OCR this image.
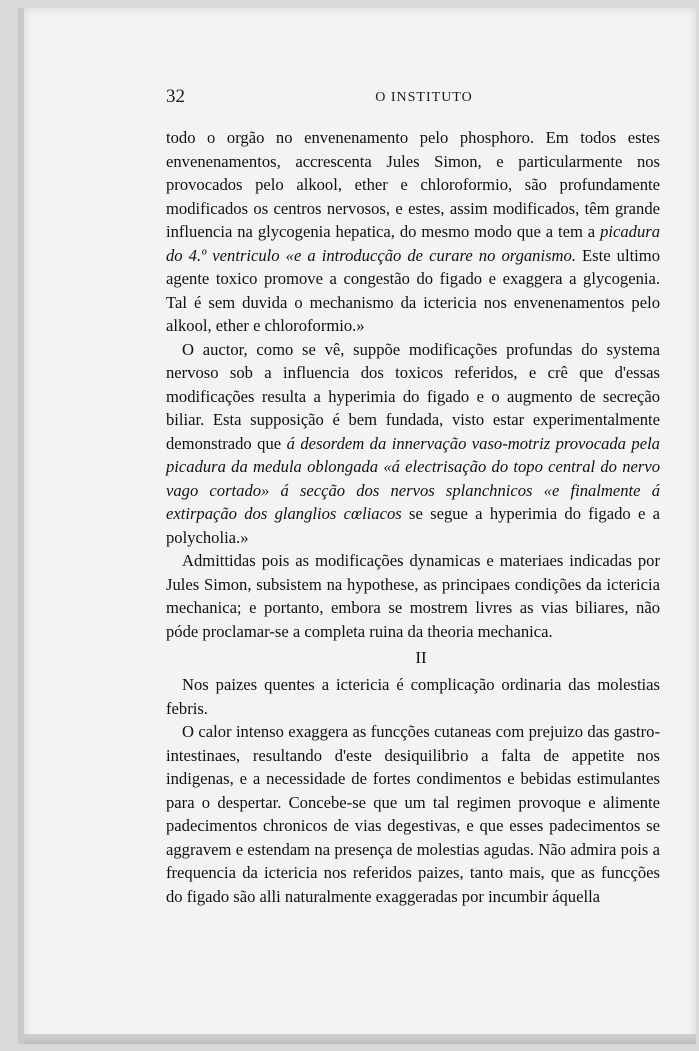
32	O INSTITUTO

todo o orgão no envenenamento pelo phosphoro. Em todos estes envenenamentos, accrescenta Jules Simon, e particularmente nos provocados pelo alkool, ether e chloroformio, são profundamente modificados os centros nervosos, e estes, assim modificados, têm grande influencia na glycogenia hepatica, do mesmo modo que a tem a picadura do 4.º ventriculo «e a introducção de curare no organismo. Este ultimo agente toxico promove a congestão do figado e exaggera a glycogenia. Tal é sem duvida o mechanismo da ictericia nos envenenamentos pelo alkool, ether e chloroformio.»

O auctor, como se vê, suppõe modificações profundas do systema nervoso sob a influencia dos toxicos referidos, e crê que d'essas modificações resulta a hyperimia do figado e o augmento de secreção biliar. Esta supposição é bem fundada, visto estar experimentalmente demonstrado que á desordem da innervação vaso-motriz provocada pela picadura da medula oblongada «á electrisação do topo central do nervo vago cortado» á secção dos nervos splanchnicos «e finalmente á extirpação dos glanglios cœliacos se segue a hyperimia do figado e a polycholia.»

Admittidas pois as modificações dynamicas e materiaes indicadas por Jules Simon, subsistem na hypothese, as principaes condições da ictericia mechanica; e portanto, embora se mostrem livres as vias biliares, não póde proclamar-se a completa ruina da theoria mechanica.

II

Nos paizes quentes a ictericia é complicação ordinaria das molestias febris.

O calor intenso exaggera as funcções cutaneas com prejuizo das gastro-intestinaes, resultando d'este desiquilibrio a falta de appetite nos indigenas, e a necessidade de fortes condimentos e bebidas estimulantes para o despertar. Concebe-se que um tal regimen provoque e alimente padecimentos chronicos de vias degestivas, e que esses padecimentos se aggravem e estendam na presença de molestias agudas. Não admira pois a frequencia da ictericia nos referidos paizes, tanto mais, que as funcções do figado são alli naturalmente exaggeradas por incumbir áquella
